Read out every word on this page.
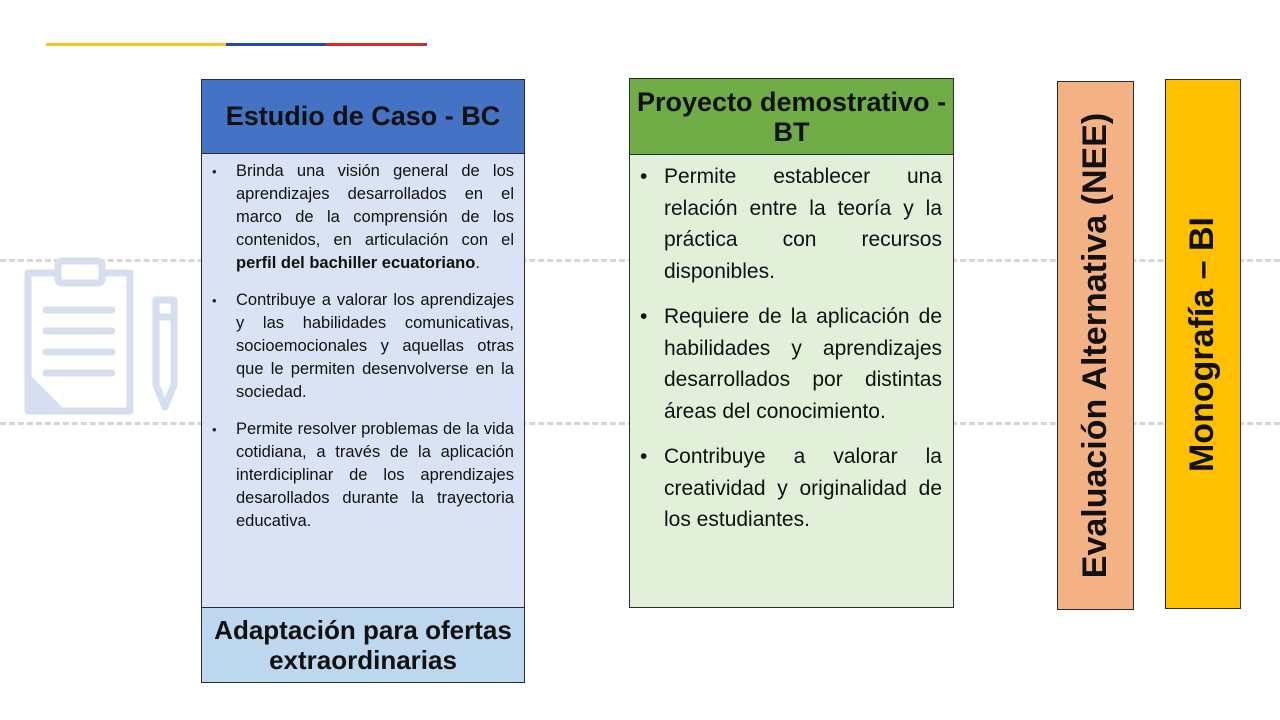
Estudio de Caso - BC
• Brinda una visión general de los aprendizajes desarrollados en el marco de la comprensión de los contenidos, en articulación con el perfil del bachiller ecuatoriano.
• Contribuye a valorar los aprendizajes y las habilidades comunicativas, socioemocionales y aquellas otras que le permiten desenvolverse en la sociedad.
• Permite resolver problemas de la vida cotidiana, a través de la aplicación interdiciplinar de los aprendizajes desarollados durante la trayectoria educativa.
Adaptación para ofertas extraordinarias
Proyecto demostrativo - BT
• Permite establecer una relación entre la teoría y la práctica con recursos disponibles.
• Requiere de la aplicación de habilidades y aprendizajes desarrollados por distintas áreas del conocimiento.
• Contribuye a valorar la creatividad y originalidad de los estudiantes.	Evaluación Alternativa (NEE) Monografía – BI
